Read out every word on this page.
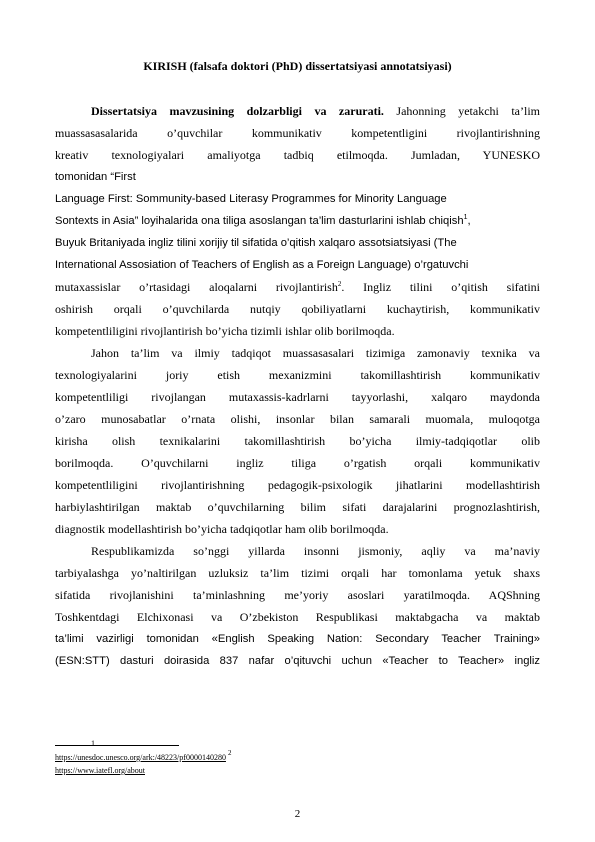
KIRISH (falsafa doktori (PhD) dissertatsiyasi annotatsiyasi)
Dissertatsiya mavzusining dolzarbligi va zarurati. Jahonning yetakchi ta’lim
muassasasalarida o’quvchilar kommunikativ kompetentligini rivojlantirishning
kreativ texnologiyalari amaliyotga tadbiq etilmoqda. Jumladan, YUNESKO
tomonidan “First
Language First: Sommunity-based Literasy Programmes for Minority Language
Sontexts in Asia” loyihalarida ona tiliga asoslangan ta’lim dasturlarini ishlab chiqish$^1$,
Buyuk Britaniyada ingliz tilini xorijiy til sifatida o’qitish xalqaro assotsiatsiyasi (The
International Assosiation of Teachers of English as a Foreign Language) o’rgatuvchi
mutaxassislar o’rtasidagi aloqalarni rivojlantirish$^2$. Ingliz tilini o’qitish sifatini
oshirish orqali o’quvchilarda nutqiy qobiliyatlarni kuchaytirish, kommunikativ
kompetentliligini rivojlantirish bo’yicha tizimli ishlar olib borilmoqda.
Jahon ta’lim va ilmiy tadqiqot muassasasalari tizimiga zamonaviy texnika va
texnologiyalarini joriy etish mexanizmini takomillashtirish kommunikativ
kompetentliligi rivojlangan mutaxassis-kadrlarni tayyorlashi, xalqaro maydonda
o’zaro munosabatlar o’rnata olishi, insonlar bilan samarali muomala, muloqotga
kirisha olish texnikalarini takomillashtirish bo’yicha ilmiy-tadqiqotlar olib
borilmoqda. O’quvchilarni ingliz tiliga o’rgatish orqali kommunikativ
kompetentliligini rivojlantirishning pedagogik-psixologik jihatlarini modellashtirish
harbiylashtirilgan maktab o’quvchilarning bilim sifati darajalarini prognozlashtirish,
diagnostik modellashtirish bo’yicha tadqiqotlar ham olib borilmoqda.
Respublikamizda so’nggi yillarda insonni jismoniy, aqliy va ma’naviy
tarbiyalashga yo’naltirilgan uzluksiz ta’lim tizimi orqali har tomonlama yetuk shaxs
sifatida rivojlanishini ta’minlashning me’yoriy asoslari yaratilmoqda. AQShning
Toshkentdagi Elchixonasi va O’zbekiston Respublikasi maktabgacha va maktab
ta’limi vazirligi tomonidan «English Speaking Nation: Secondary Teacher Training»
(ESN:STT) dasturi doirasida 837 nafar o’qituvchi uchun «Teacher to Teacher» ingliz
1.
https://unesdoc.unesco.org/ark:/48223/pf0000140280 $^2$
https://www.iatefl.org/about
2
